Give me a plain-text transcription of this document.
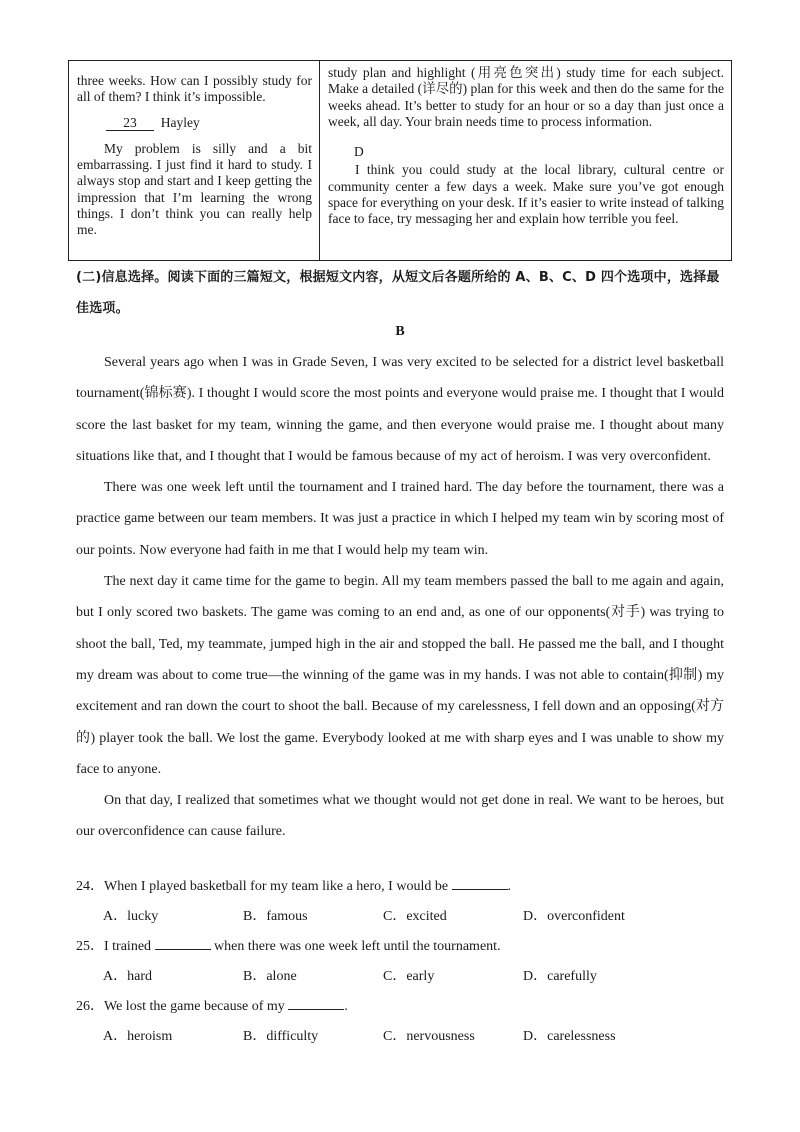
three weeks. How can I possibly study for all of them? I think it’s impossible.

23 Hayley

My problem is silly and a bit embarrassing. I just find it hard to study. I always stop and start and I keep getting the impression that I’m learning the wrong things. I don’t think you can really help me.

study plan and highlight (用亮色突出) study time for each subject. Make a detailed (详尽的) plan for this week and then do the same for the weeks ahead. It’s better to study for an hour or so a day than just once a week, all day. Your brain needs time to process information.

D

I think you could study at the local library, cultural centre or community center a few days a week. Make sure you’ve got enough space for everything on your desk. If it’s easier to write instead of talking face to face, try messaging her and explain how terrible you feel.

(二)信息选择。阅读下面的三篇短文，根据短文内容，从短文后各题所给的 A、B、C、D 四个选项中，选择最佳选项。
B

Several years ago when I was in Grade Seven, I was very excited to be selected for a district level basketball tournament(锦标赛). I thought I would score the most points and everyone would praise me. I thought that I would score the last basket for my team, winning the game, and then everyone would praise me. I thought about many situations like that, and I thought that I would be famous because of my act of heroism. I was very overconfident.

There was one week left until the tournament and I trained hard. The day before the tournament, there was a practice game between our team members. It was just a practice in which I helped my team win by scoring most of our points. Now everyone had faith in me that I would help my team win.

The next day it came time for the game to begin. All my team members passed the ball to me again and again, but I only scored two baskets. The game was coming to an end and, as one of our opponents(对手) was trying to shoot the ball, Ted, my teammate, jumped high in the air and stopped the ball. He passed me the ball, and I thought my dream was about to come true—the winning of the game was in my hands. I was not able to contain(抑制) my excitement and ran down the court to shoot the ball. Because of my carelessness, I fell down and an opposing(对方的) player took the ball. We lost the game. Everybody looked at me with sharp eyes and I was unable to show my face to anyone.

On that day, I realized that sometimes what we thought would not get done in real. We want to be heroes, but our overconfidence can cause failure.

24．When I played basketball for my team like a hero, I would be	.

A．lucky	B．famous	C．excited	D．overconfident

25．I trained	when there was one week left until the tournament.

A．hard	B．alone	C．early	D．carefully

26．We lost the game because of my	.

A．heroism	B．difficulty	C．nervousness	D．carelessness
